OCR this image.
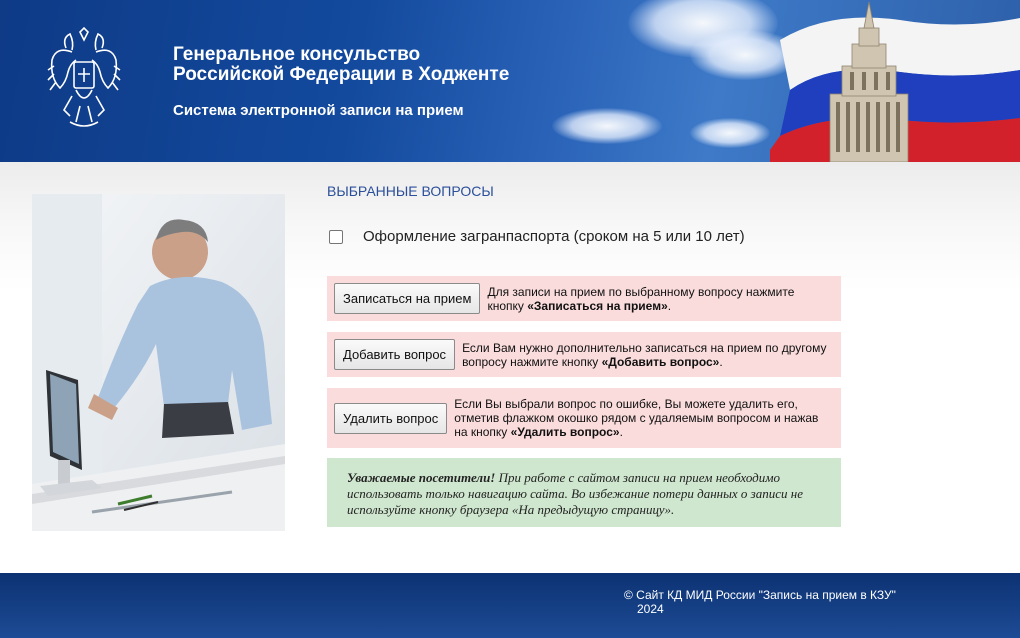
Генеральное консульство
Российской Федерации в Ходженте
Система электронной записи на прием
ВЫБРАННЫЕ ВОПРОСЫ
Оформление загранпаспорта (сроком на 5 или 10 лет)
Записаться на прием	Для записи на прием по выбранному вопросу нажмите кнопку «Записаться на прием».
Добавить вопрос	Если Вам нужно дополнительно записаться на прием по другому вопросу нажмите кнопку «Добавить вопрос».
Удалить вопрос
Если Вы выбрали вопрос по ошибке, Вы можете удалить его, отметив флажком окошко рядом с удаляемым вопросом и нажав на кнопку «Удалить вопрос».
Уважаемые посетители! При работе с сайтом записи на прием необходимо использовать только навигацию сайта. Во избежание потери данных о записи не используйте кнопку браузера «На предыдущую страницу».
© Сайт КД МИД России "Запись на прием в КЗУ"
2024
